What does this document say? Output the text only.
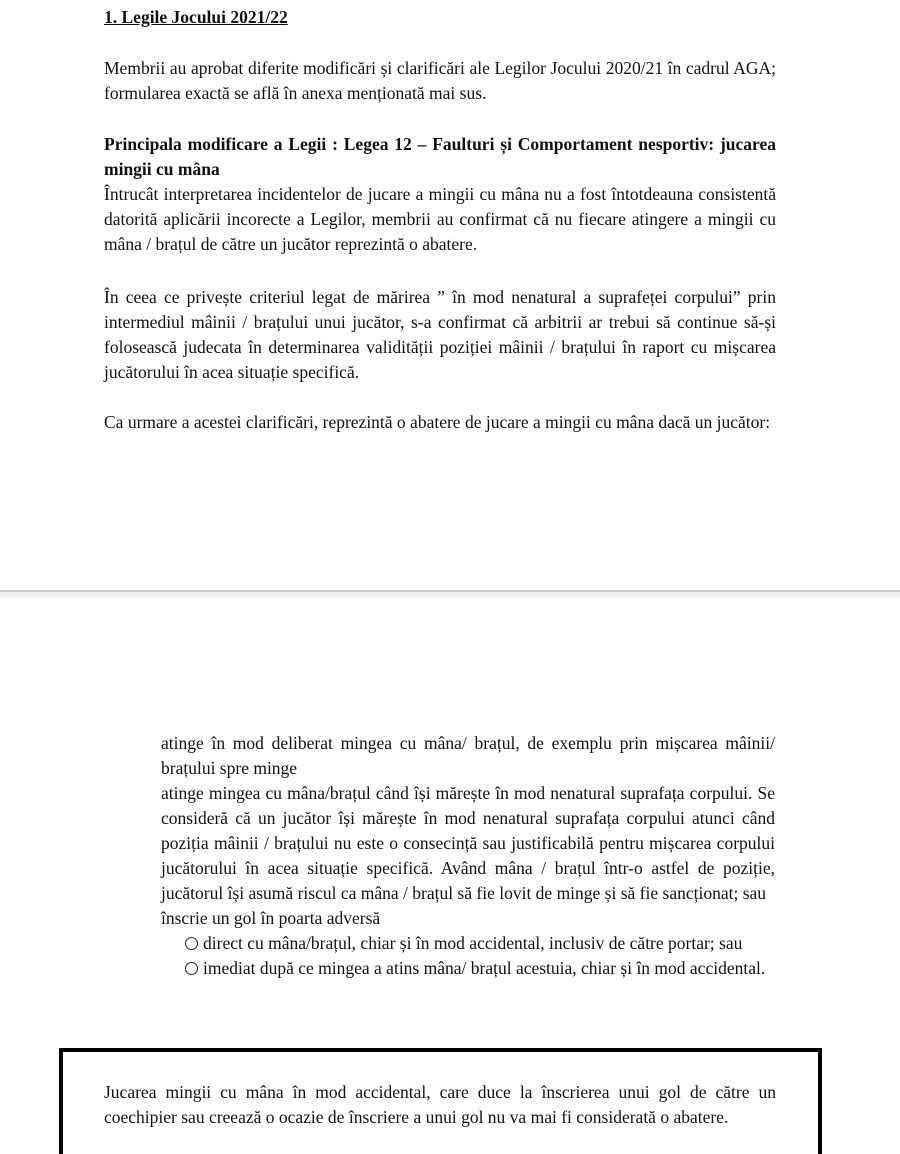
1. Legile Jocului 2021/22

Membrii au aprobat diferite modificări și clarificări ale Legilor Jocului 2020/21 în cadrul AGA; formularea exactă se află în anexa menționată mai sus.

Principala modificare a Legii : Legea 12 – Faulturi și Comportament nesportiv: jucarea mingii cu mâna

Întrucât interpretarea incidentelor de jucare a mingii cu mâna nu a fost întotdeauna consistentă datorită aplicării incorecte a Legilor, membrii au confirmat că nu fiecare atingere a mingii cu mâna / brațul de către un jucător reprezintă o abatere.

În ceea ce privește criteriul legat de mărirea ” în mod nenatural a suprafeței corpului” prin intermediul mâinii / brațului unui jucător, s-a confirmat că arbitrii ar trebui să continue să-și folosească judecata în determinarea validității poziției mâinii / brațului în raport cu mișcarea jucătorului în acea situație specifică.

Ca urmare a acestei clarificări, reprezintă o abatere de jucare a mingii cu mâna dacă un jucător:

atinge în mod deliberat mingea cu mâna/ brațul, de exemplu prin mișcarea mâinii/ brațului spre minge

atinge mingea cu mâna/brațul când își mărește în mod nenatural suprafața corpului. Se consideră că un jucător își mărește în mod nenatural suprafața corpului atunci când poziția mâinii / brațului nu este o consecință sau justificabilă pentru mișcarea corpului jucătorului în acea situație specifică. Având mâna / brațul într-o astfel de poziție, jucătorul își asumă riscul ca mâna / brațul să fie lovit de minge și să fie sancționat; sau

înscrie un gol în poarta adversă

direct cu mâna/brațul, chiar și în mod accidental, inclusiv de către portar; sau

imediat după ce mingea a atins mâna/ brațul acestuia, chiar și în mod accidental.

Jucarea mingii cu mâna în mod accidental, care duce la înscrierea unui gol de către un coechipier sau creează o ocazie de înscriere a unui gol nu va mai fi considerată o abatere.
